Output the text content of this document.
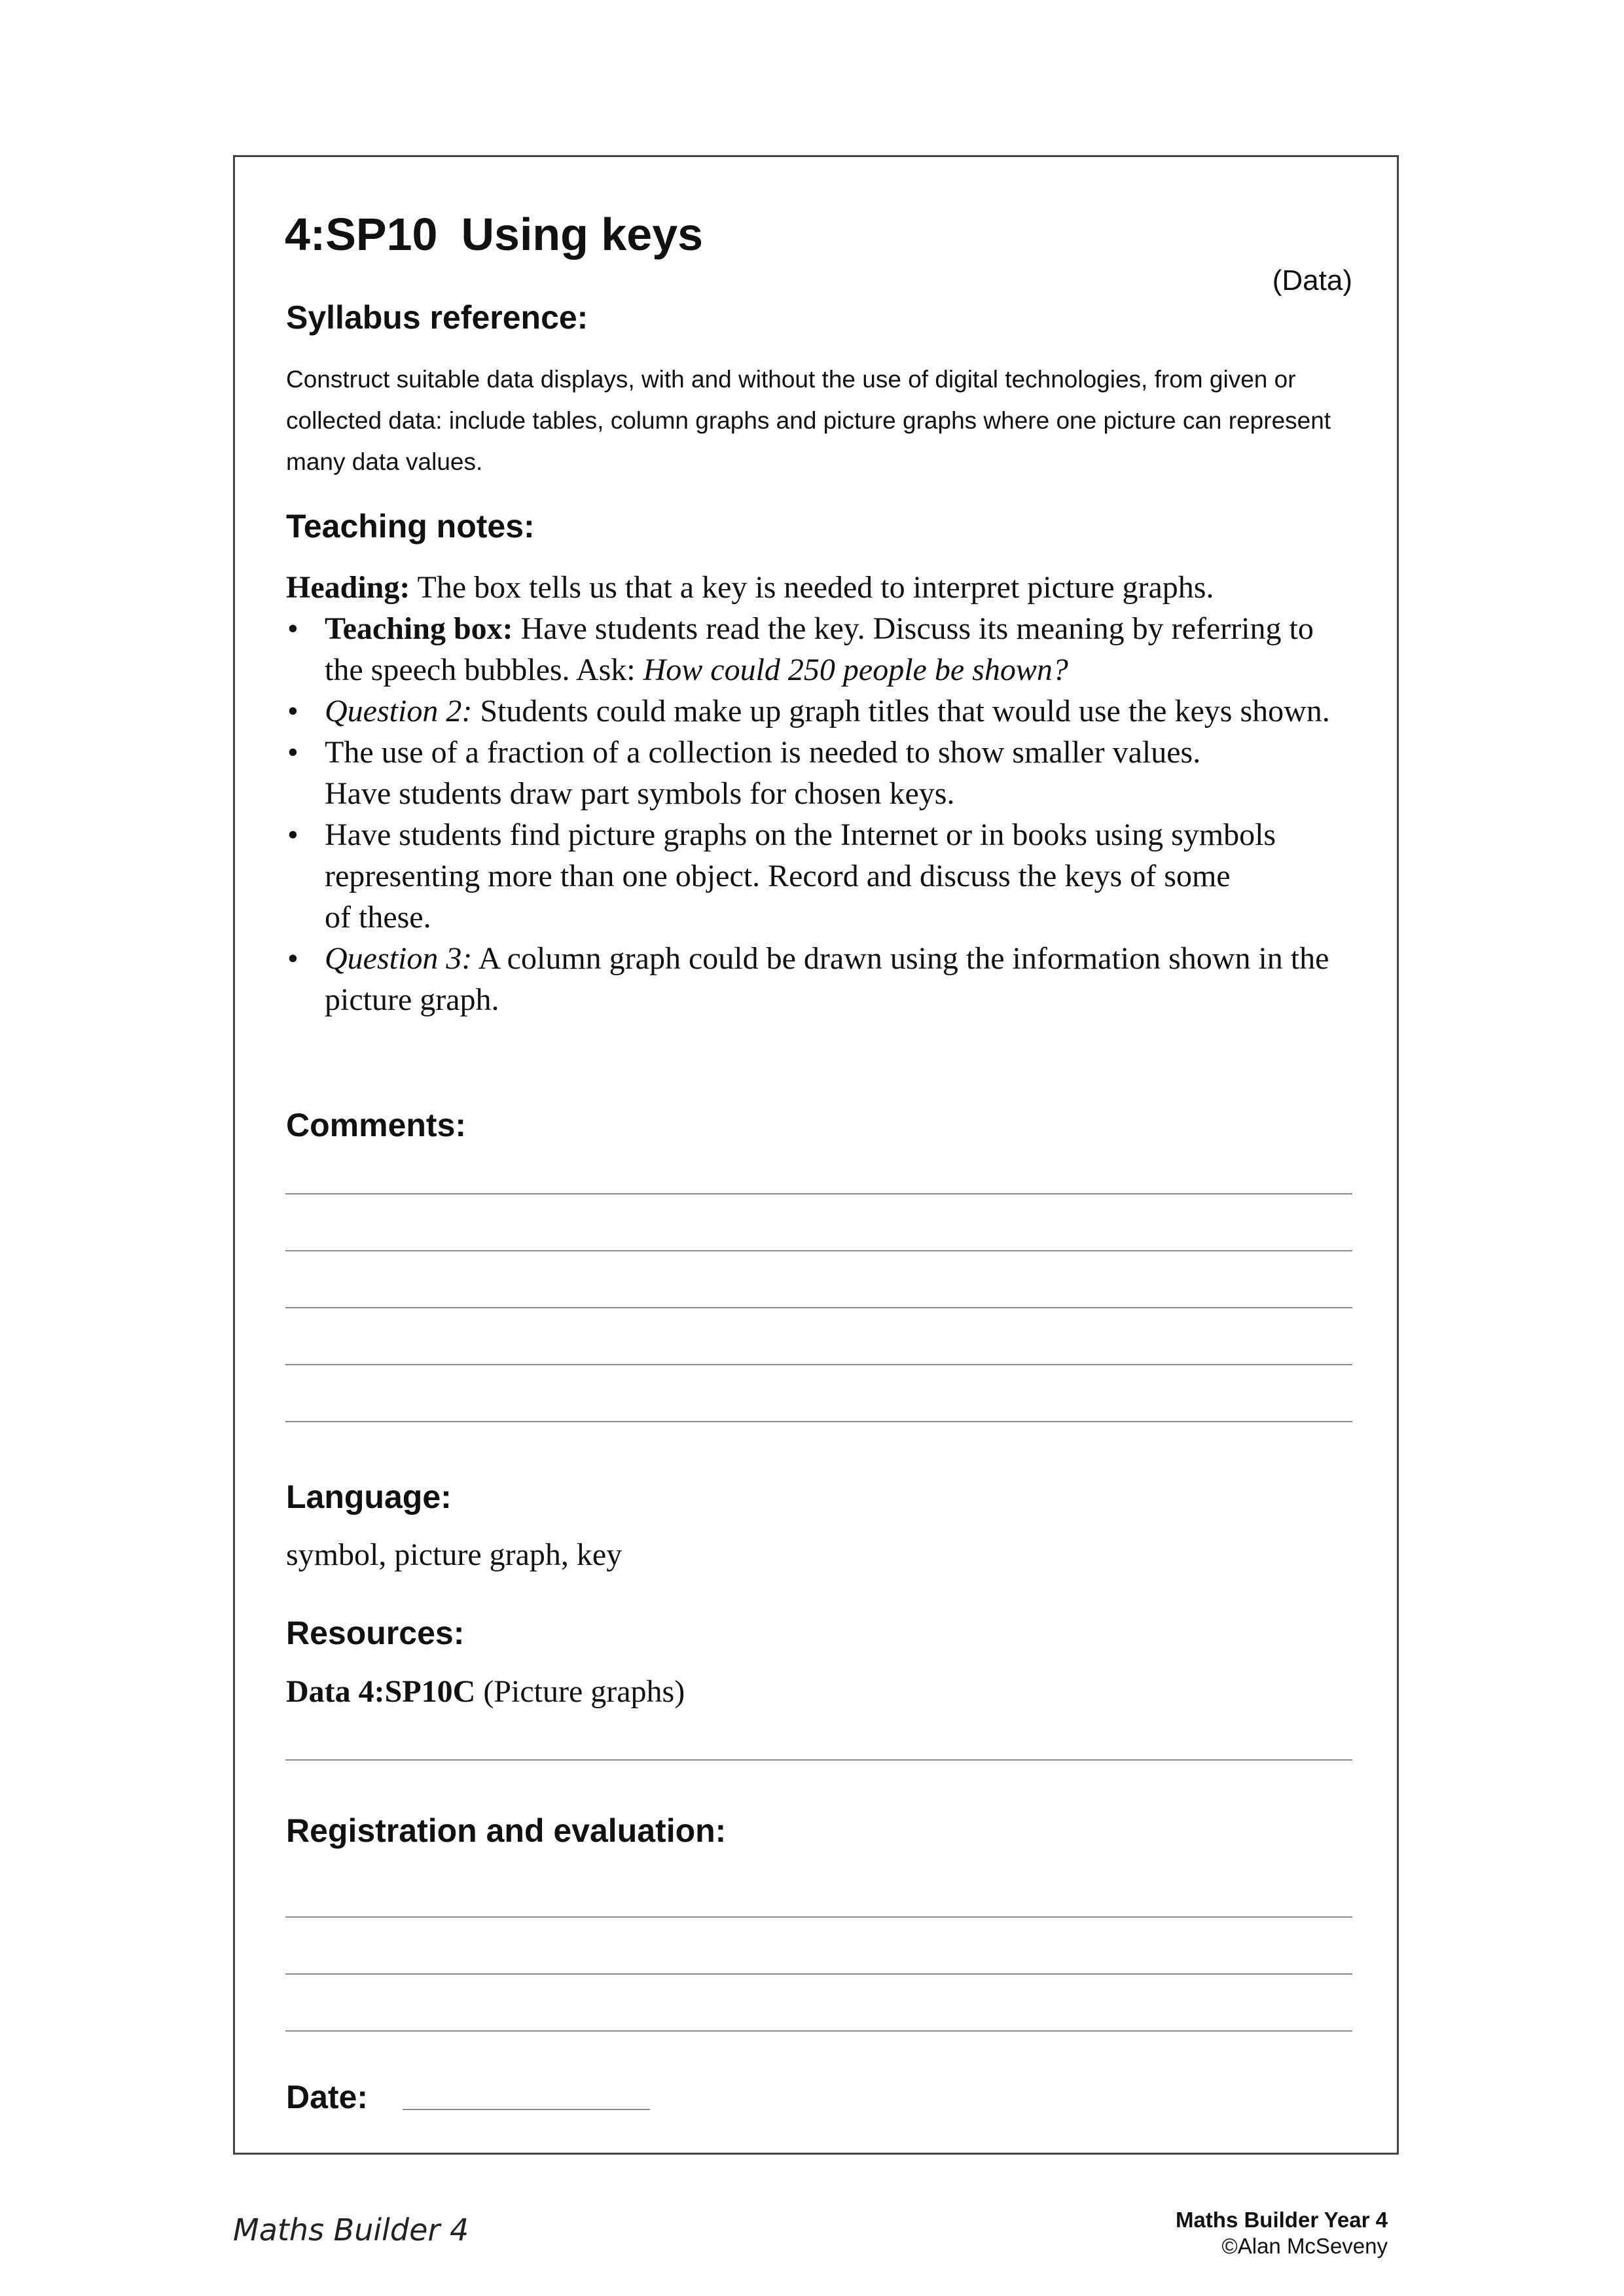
4:SP10 Using keys
(Data)
Syllabus reference:
Construct suitable data displays, with and without the use of digital technologies, from given or collected data: include tables, column graphs and picture graphs where one picture can represent many data values.
Teaching notes:

Heading: The box tells us that a key is needed to interpret picture graphs.

• Teaching box: Have students read the key. Discuss its meaning by referring to the speech bubbles. Ask: How could 250 people be shown?
• Question 2: Students could make up graph titles that would use the keys shown.
• The use of a fraction of a collection is needed to show smaller values.
Have students draw part symbols for chosen keys.
• Have students find picture graphs on the Internet or in books using symbols representing more than one object. Record and discuss the keys of some
of these.
• Question 3: A column graph could be drawn using the information shown in the picture graph.
Comments:
Language:
symbol, picture graph, key
Resources:
Data 4:SP10C (Picture graphs)
Registration and evaluation:
Date:
Maths Builder 4	Maths Builder Year 4
©Alan McSeveny
